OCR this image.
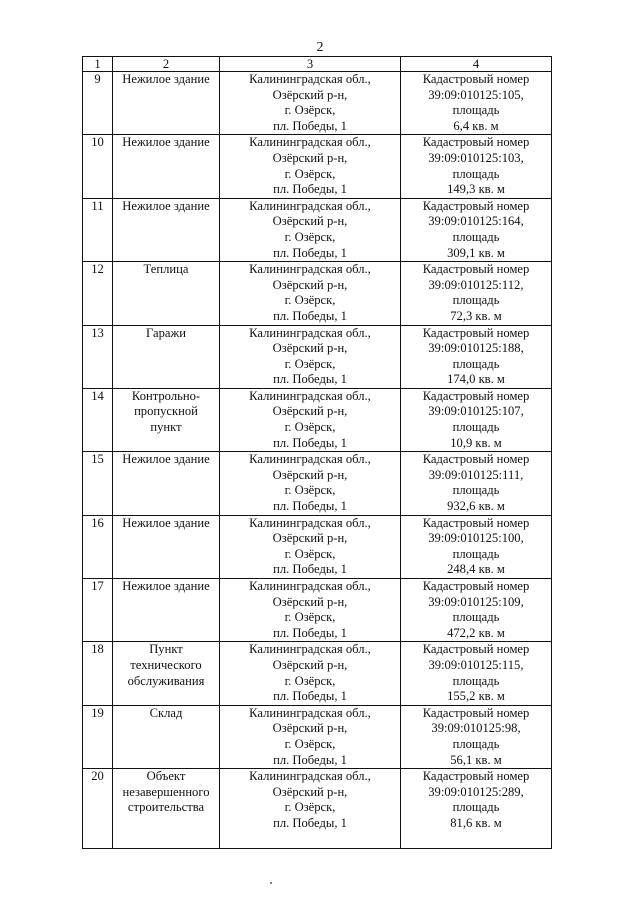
2
1	2	3	4
9	Нежилое здание	Калининградская обл.,
Озёрский р-н,
г. Озёрск,
пл. Победы, 1	Кадастровый номер
39:09:010125:105,
площадь
6,4 кв. м

10	Нежилое здание	Калининградская обл.,
Озёрский р-н,
г. Озёрск,
пл. Победы, 1	Кадастровый номер
39:09:010125:103,
площадь
149,3 кв. м

11	Нежилое здание	Калининградская обл.,
Озёрский р-н,
г. Озёрск,
пл. Победы, 1	Кадастровый номер
39:09:010125:164,
площадь
309,1 кв. м

12	Теплица	Калининградская обл.,
Озёрский р-н,
г. Озёрск,
пл. Победы, 1	Кадастровый номер
39:09:010125:112,
площадь
72,3 кв. м

13	Гаражи	Калининградская обл.,
Озёрский р-н,
г. Озёрск,
пл. Победы, 1	Кадастровый номер
39:09:010125:188,
площадь
174,0 кв. м

14	Контрольно-
пропускной
пункт	Калининградская обл.,
Озёрский р-н,
г. Озёрск,
пл. Победы, 1	Кадастровый номер
39:09:010125:107,
площадь
10,9 кв. м

15	Нежилое здание	Калининградская обл.,
Озёрский р-н,
г. Озёрск,
пл. Победы, 1	Кадастровый номер
39:09:010125:111,
площадь
932,6 кв. м

16	Нежилое здание	Калининградская обл.,
Озёрский р-н,
г. Озёрск,
пл. Победы, 1	Кадастровый номер
39:09:010125:100,
площадь
248,4 кв. м

17	Нежилое здание	Калининградская обл.,
Озёрский р-н,
г. Озёрск,
пл. Победы, 1	Кадастровый номер
39:09:010125:109,
площадь
472,2 кв. м

18	Пункт
технического
обслуживания	Калининградская обл.,
Озёрский р-н,
г. Озёрск,
пл. Победы, 1	Кадастровый номер
39:09:010125:115,
площадь
155,2 кв. м

19	Склад	Калининградская обл.,
Озёрский р-н,
г. Озёрск,
пл. Победы, 1	Кадастровый номер
39:09:010125:98,
площадь
56,1 кв. м

20	Объект
незавершенного
строительства	Калининградская обл.,
Озёрский р-н,
г. Озёрск,
пл. Победы, 1	Кадастровый номер
39:09:010125:289,
площадь
81,6 кв. м
